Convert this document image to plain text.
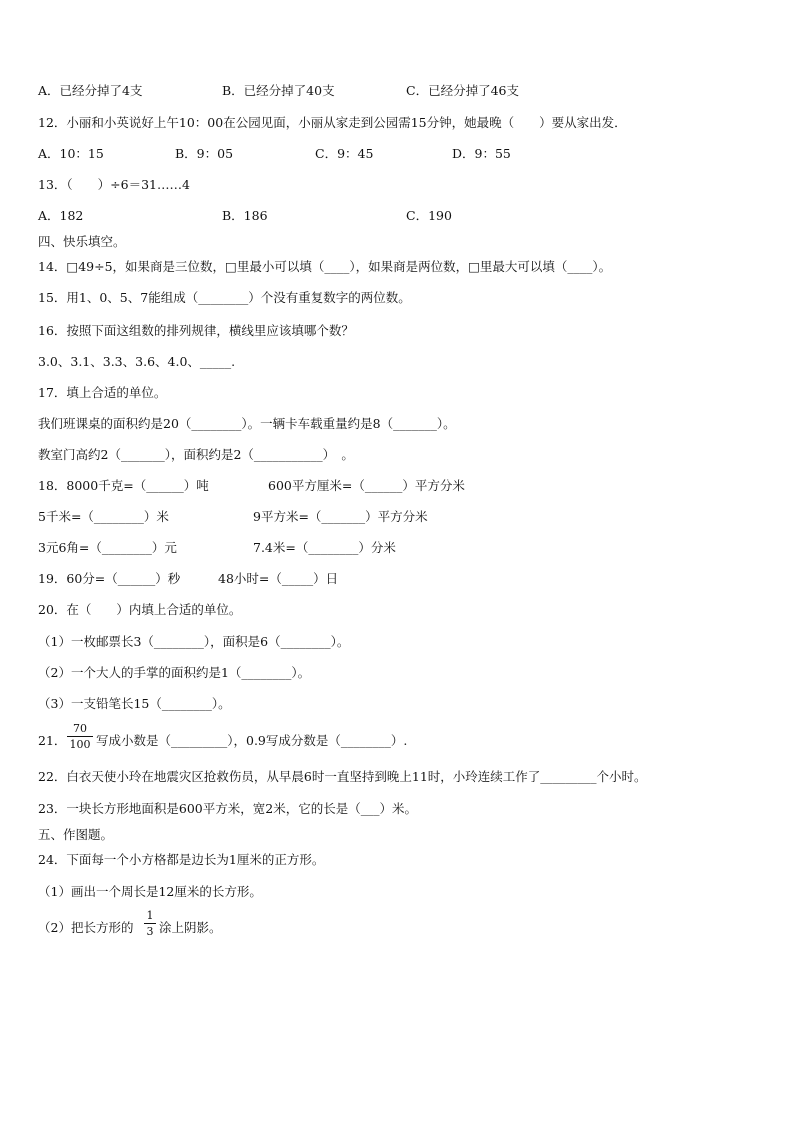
A．已经分掉了4支	B．已经分掉了40支	C．已经分掉了46支
12．小丽和小英说好上午10：00在公园见面，小丽从家走到公园需15分钟，她最晚（　　）要从家出发．
A．10：15	B．9：05	C．9：45	D．9：55
13．（　　）÷6＝31……4
A．182	B．186	C．190
四、快乐填空。
14．□49÷5，如果商是三位数，□里最小可以填（____），如果商是两位数，□里最大可以填（____）。
15．用1、0、5、7能组成（________）个没有重复数字的两位数。
16．按照下面这组数的排列规律，横线里应该填哪个数？
3.0、3.1、3.3、3.6、4.0、_____.
17．填上合适的单位。
我们班课桌的面积约是20（________）。一辆卡车载重量约是8（_______）。
教室门高约2（_______），面积约是2（___________）　。
18．8000千克=（______）吨	600平方厘米=（______）平方分米
5千米=（________）米	9平方米=（_______）平方分米
3元6角=（________）元	7.4米=（________）分米
19．60分=（______）秒	48小时=（_____）日
20．在（　　）内填上合适的单位。
（1）一枚邮票长3（________），面积是6（________）。
（2）一个大人的手掌的面积约是1（________）。
（3）一支铅笔长15（________）。
21． $\frac{70}{100}$ 写成小数是（_________），0.9写成分数是（________）.
22．白衣天使小玲在地震灾区抢救伤员，从早晨6时一直坚持到晚上11时，小玲连续工作了_________个小时。
23．一块长方形地面积是600平方米，宽2米，它的长是（___）米。
五、作图题。
24．下面每一个小方格都是边长为1厘米的正方形。
（1）画出一个周长是12厘米的长方形。
（2）把长方形的 $\frac{1}{3}$ 涂上阴影。
